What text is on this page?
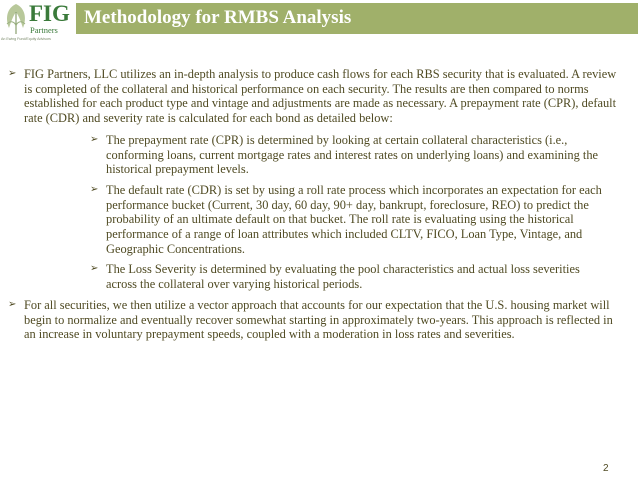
FIG
Partners
An Ewing Fund/Equity Advisors
Methodology for RMBS Analysis
➢ FIG Partners, LLC utilizes an in-depth analysis to produce cash flows for each RBS security that is evaluated. A review is completed of the collateral and historical performance on each security. The results are then compared to norms established for each product type and vintage and adjustments are made as necessary. A prepayment rate (CPR), default rate (CDR) and severity rate is calculated for each bond as detailed below:
➢ The prepayment rate (CPR) is determined by looking at certain collateral characteristics (i.e., conforming loans, current mortgage rates and interest rates on underlying loans) and examining the historical prepayment levels.
➢ The default rate (CDR) is set by using a roll rate process which incorporates an expectation for each performance bucket (Current, 30 day, 60 day, 90+ day, bankrupt, foreclosure, REO) to predict the probability of an ultimate default on that bucket. The roll rate is evaluating using the historical performance of a range of loan attributes which included CLTV, FICO, Loan Type, Vintage, and Geographic Concentrations.
➢ The Loss Severity is determined by evaluating the pool characteristics and actual loss severities across the collateral over varying historical periods.
➢ For all securities, we then utilize a vector approach that accounts for our expectation that the U.S. housing market will begin to normalize and eventually recover somewhat starting in approximately two-years. This approach is reflected in an increase in voluntary prepayment speeds, coupled with a moderation in loss rates and severities.
2
